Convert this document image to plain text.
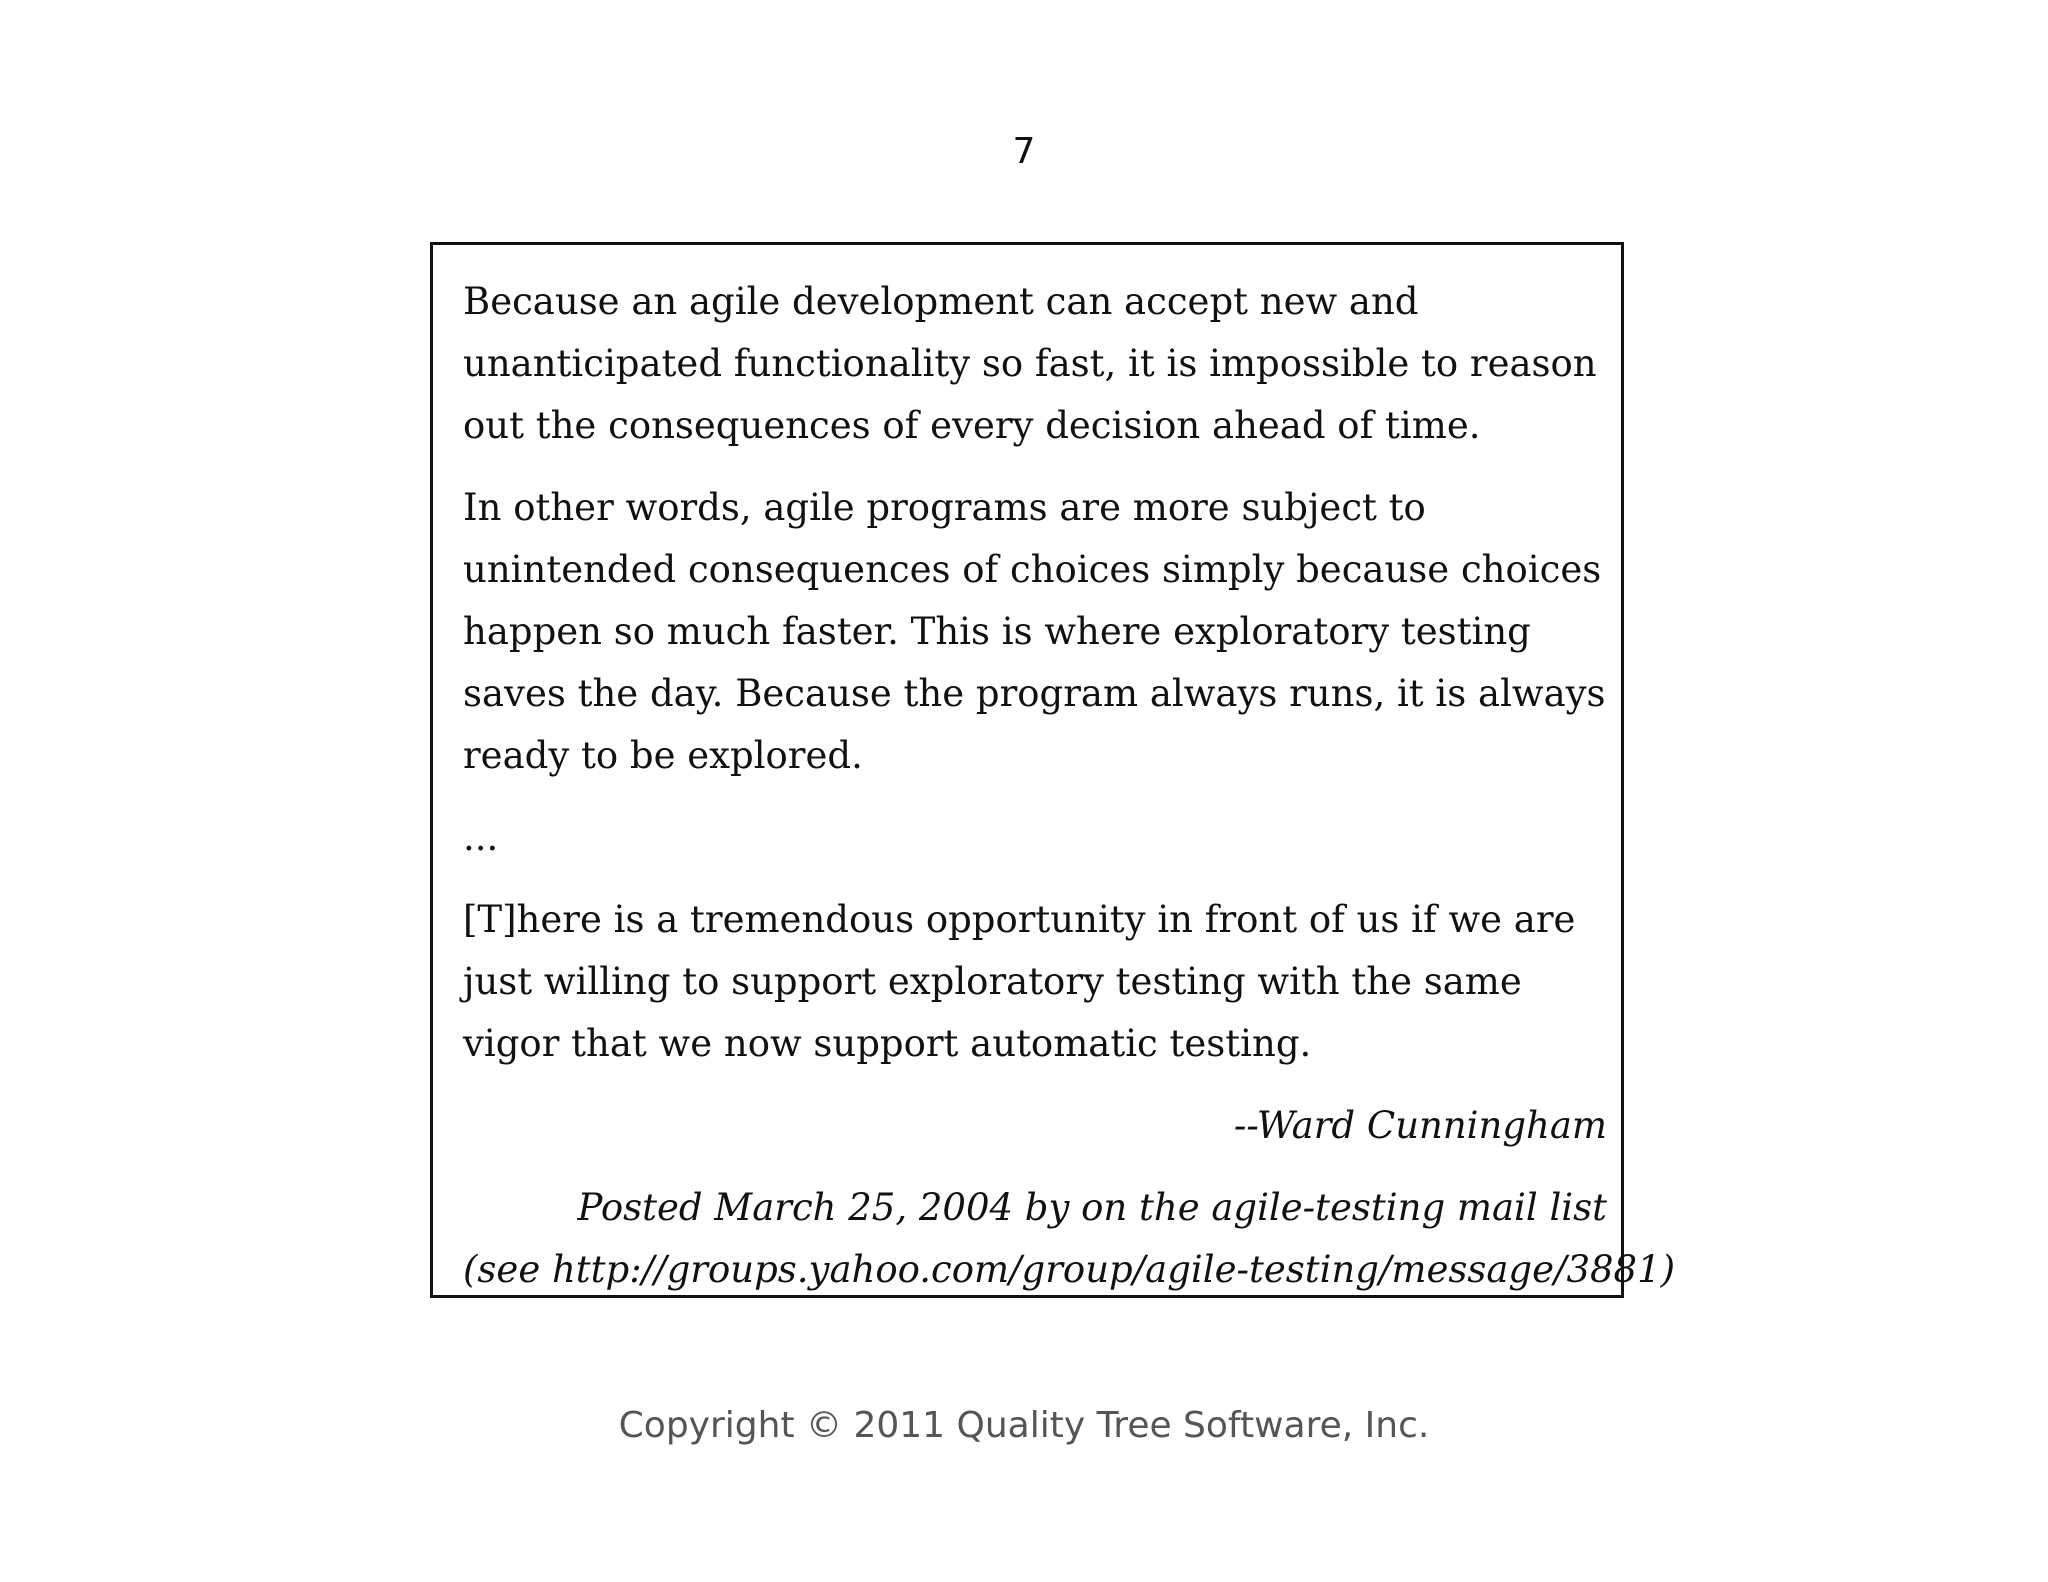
7

Because an agile development can accept new and unanticipated functionality so fast, it is impossible to reason out the consequences of every decision ahead of time.

In other words, agile programs are more subject to unintended consequences of choices simply because choices happen so much faster. This is where exploratory testing saves the day. Because the program always runs, it is always ready to be explored.

...

[T]here is a tremendous opportunity in front of us if we are just willing to support exploratory testing with the same vigor that we now support automatic testing.

--Ward Cunningham

Posted March 25, 2004 by on the agile-testing mail list
(see http://groups.yahoo.com/group/agile-testing/message/3881)

Copyright © 2011 Quality Tree Software, Inc.
